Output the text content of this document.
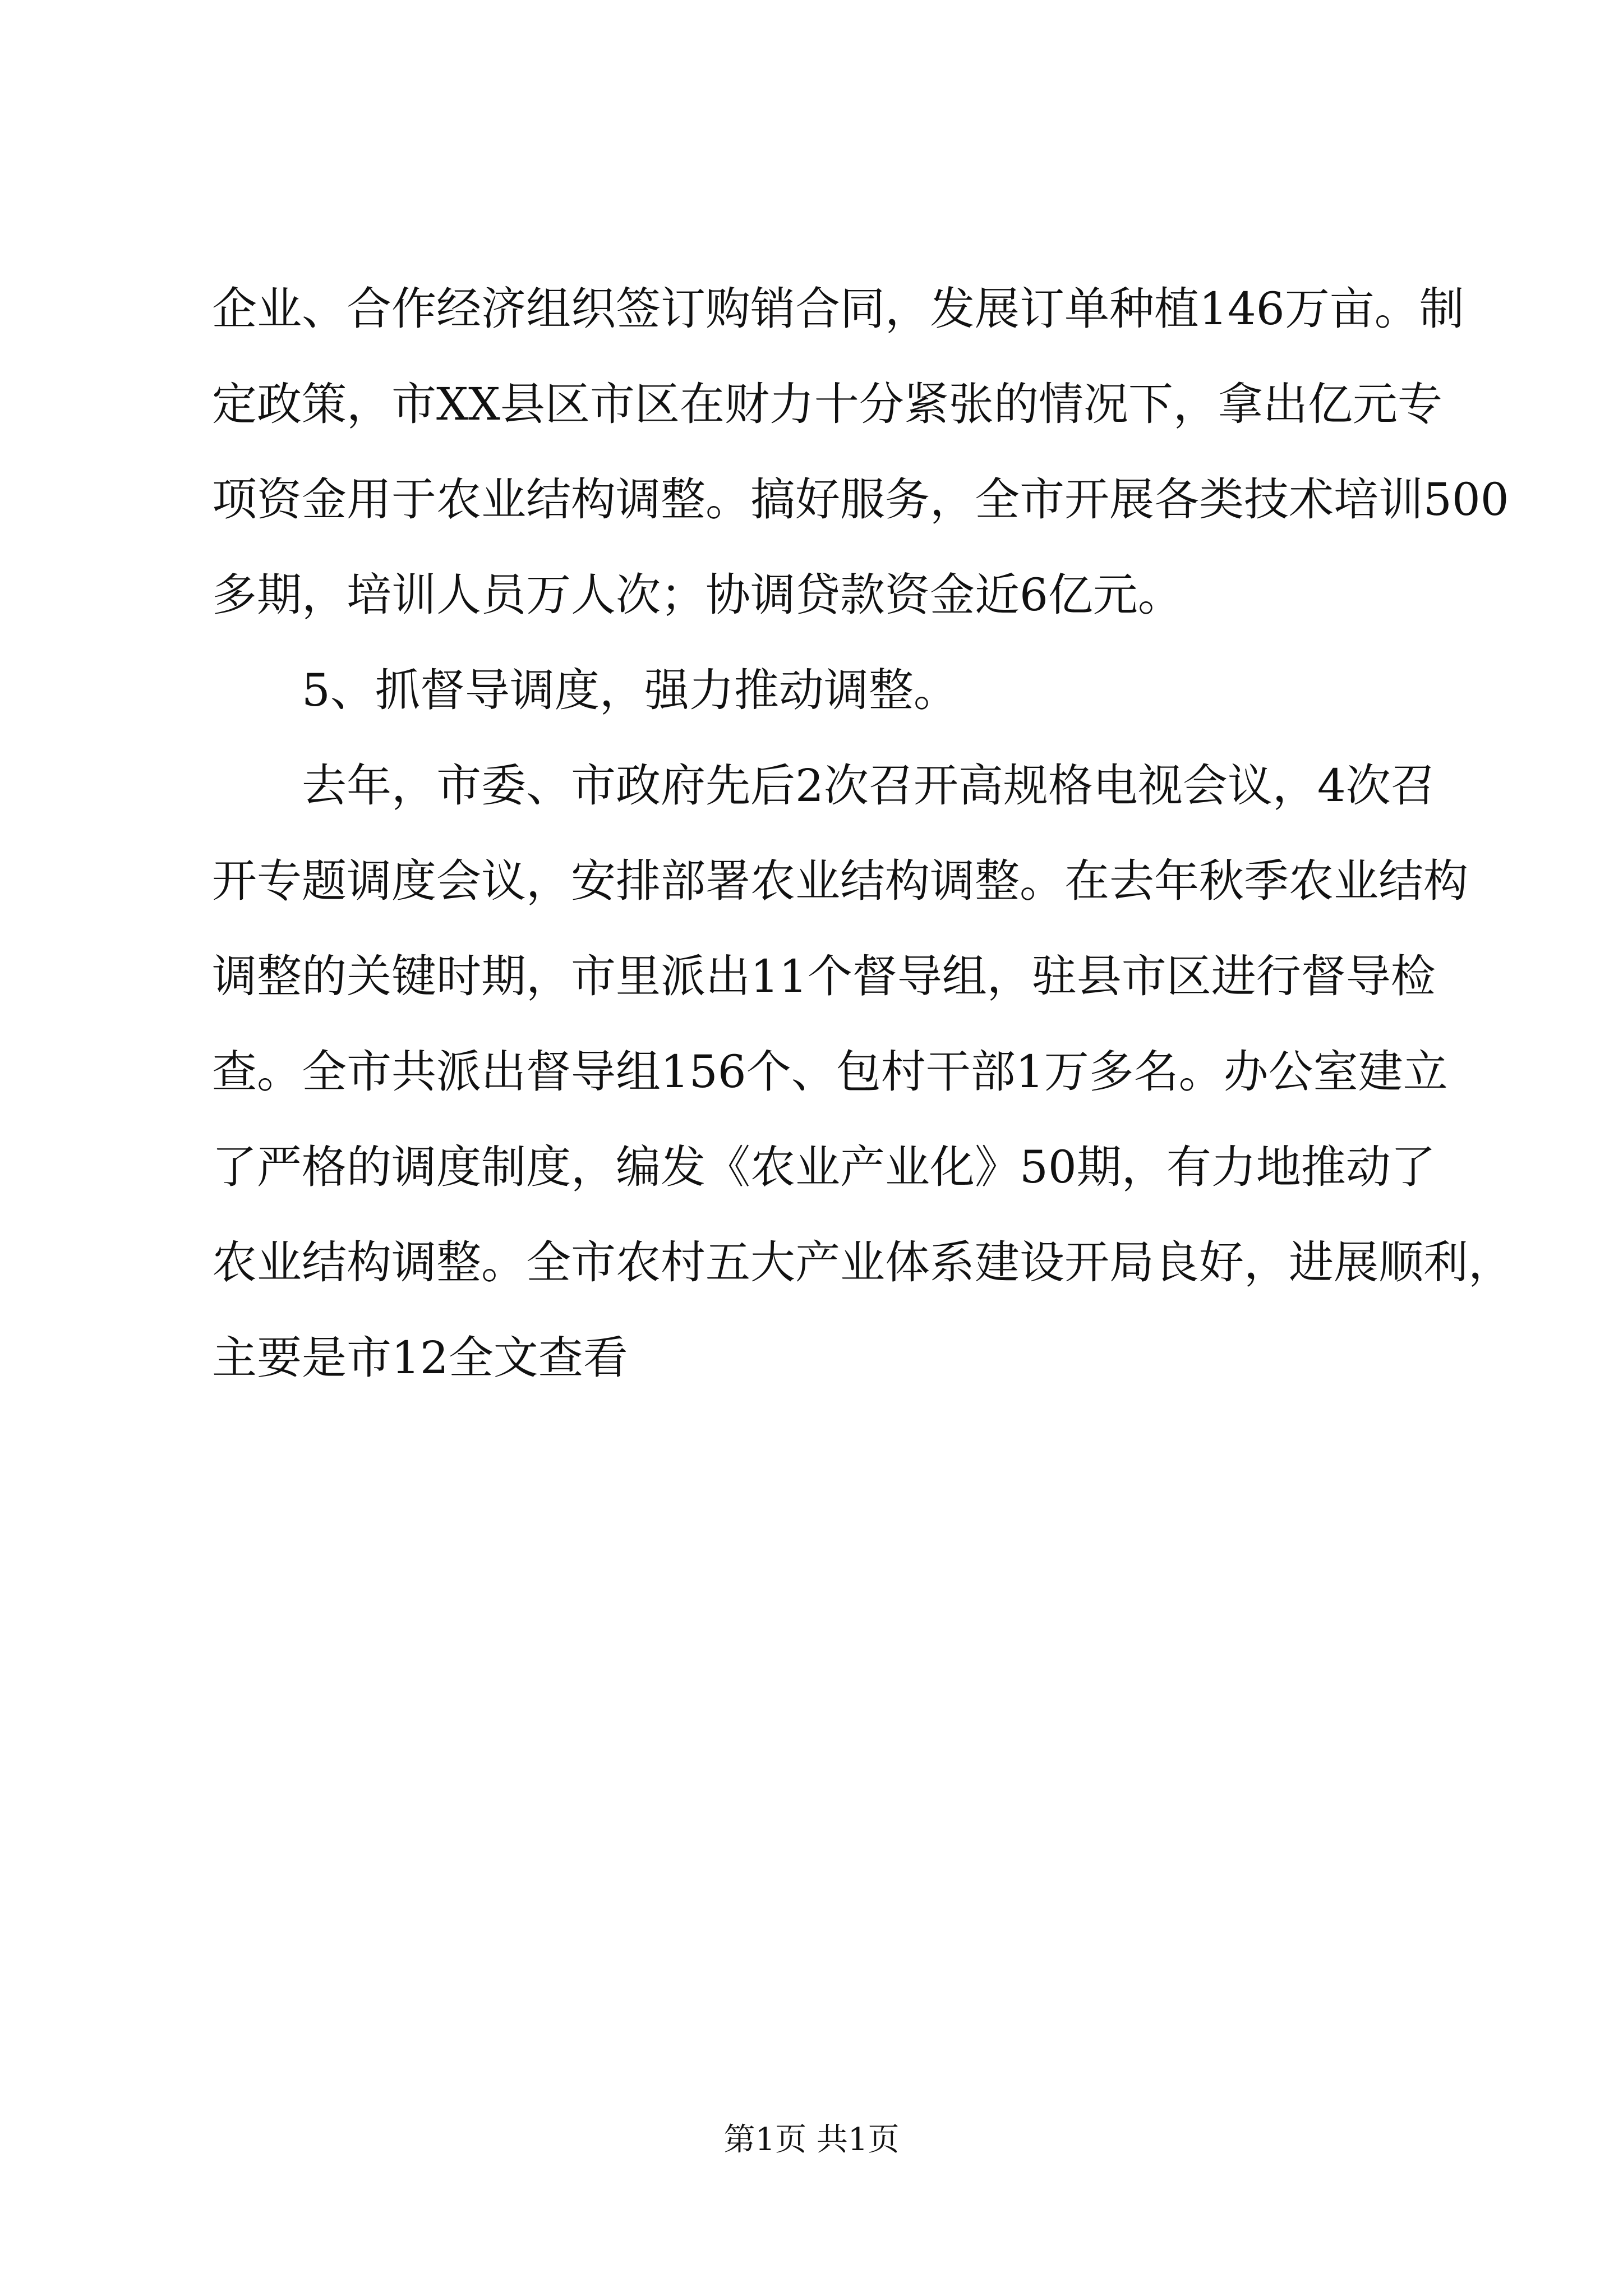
企业、合作经济组织签订购销合同，发展订单种植146万亩。制
定政策，市XX县区市区在财力十分紧张的情况下，拿出亿元专
项资金用于农业结构调整。搞好服务，全市开展各类技术培训500
多期，培训人员万人次；协调贷款资金近6亿元。
5、抓督导调度，强力推动调整。
去年，市委、市政府先后2次召开高规格电视会议，4次召
开专题调度会议，安排部署农业结构调整。在去年秋季农业结构
调整的关键时期，市里派出11个督导组，驻县市区进行督导检
查。全市共派出督导组156个、包村干部1万多名。办公室建立
了严格的调度制度，编发《农业产业化》50期，有力地推动了
农业结构调整。全市农村五大产业体系建设开局良好，进展顺利，
主要是市12全文查看
第1页 共1页
